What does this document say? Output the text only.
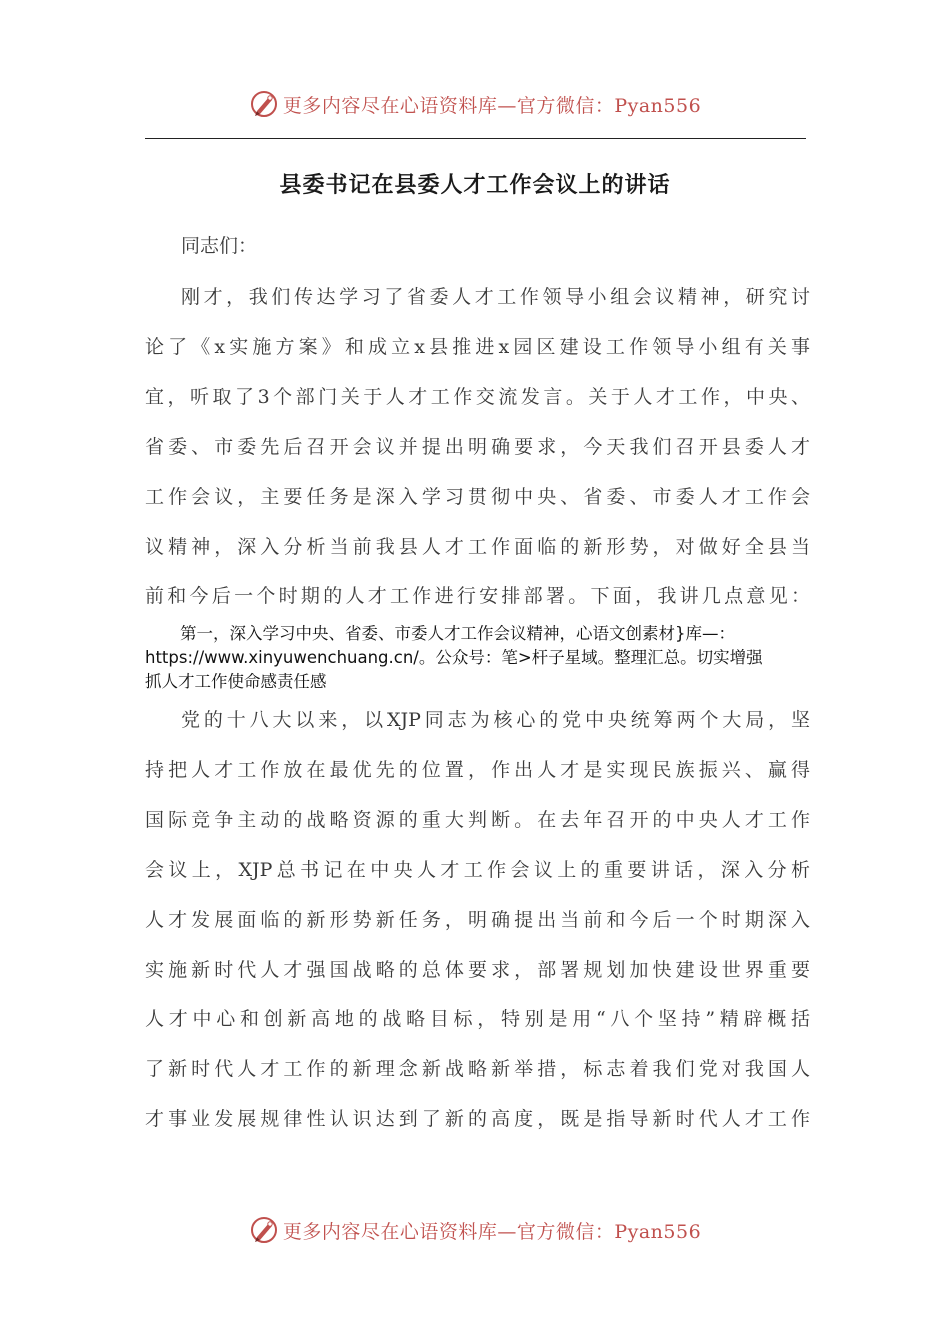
更多内容尽在心语资料库—官方微信：Pyan556
县委书记在县委人才工作会议上的讲话
同志们：
刚才，我们传达学习了省委人才工作领导小组会议精神，研究讨
论了《x实施方案》和成立x县推进x园区建设工作领导小组有关事
宜，听取了3个部门关于人才工作交流发言。关于人才工作，中央、
省委、市委先后召开会议并提出明确要求，今天我们召开县委人才
工作会议，主要任务是深入学习贯彻中央、省委、市委人才工作会
议精神，深入分析当前我县人才工作面临的新形势，对做好全县当
前和今后一个时期的人才工作进行安排部署。下面，我讲几点意见：
第一，深入学习中央、省委、市委人才工作会议精神，心语文创素材}库—：
https://www.xinyuwenchuang.cn/。公众号：笔>杆子星域。整理汇总。切实增强
抓人才工作使命感责任感
党的十八大以来，以XJP同志为核心的党中央统筹两个大局，坚
持把人才工作放在最优先的位置，作出人才是实现民族振兴、赢得
国际竞争主动的战略资源的重大判断。在去年召开的中央人才工作
会议上，XJP总书记在中央人才工作会议上的重要讲话，深入分析
人才发展面临的新形势新任务，明确提出当前和今后一个时期深入
实施新时代人才强国战略的总体要求，部署规划加快建设世界重要
人才中心和创新高地的战略目标，特别是用“八个坚持”精辟概括
了新时代人才工作的新理念新战略新举措，标志着我们党对我国人
才事业发展规律性认识达到了新的高度，既是指导新时代人才工作
更多内容尽在心语资料库—官方微信：Pyan556
